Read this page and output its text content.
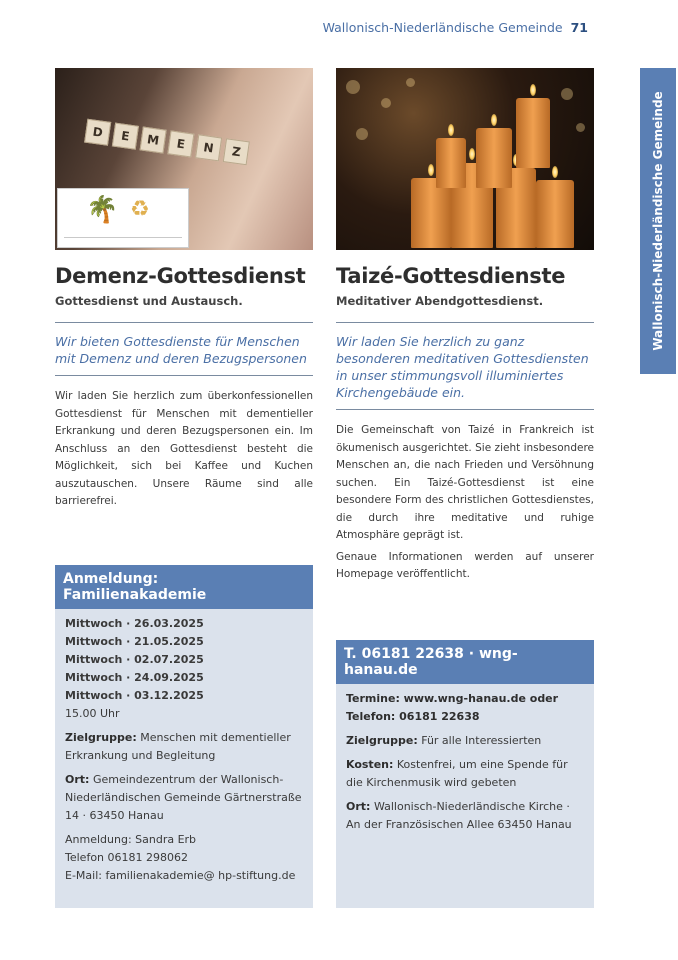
Wallonisch-Niederländische Gemeinde 71
Wallonisch-Niederländische Gemeinde
D	E	M	E	N	Z
🌴 ♻
Demenz-Gottesdienst
Gottesdienst und Austausch.
Wir bieten Gottesdienste für Menschen mit Demenz und deren Bezugspersonen
Wir laden Sie herzlich zum überkonfessionellen Gottesdienst für Menschen mit dementieller Erkrankung und deren Bezugspersonen ein. Im Anschluss an den Gottesdienst besteht die Möglichkeit, sich bei Kaffee und Kuchen auszutauschen. Unsere Räume sind alle barrierefrei.
Anmeldung: Familienakademie
Mittwoch · 26.03.2025
Mittwoch · 21.05.2025
Mittwoch · 02.07.2025
Mittwoch · 24.09.2025
Mittwoch · 03.12.2025

15.00 Uhr

Zielgruppe: Menschen mit dementieller Erkrankung und Begleitung

Ort: Gemeindezentrum der Wallonisch-Niederländischen Gemeinde Gärtnerstraße 14 · 63450 Hanau

Anmeldung: Sandra Erb
Telefon 06181 298062
E-Mail: familienakademie@ hp-stiftung.de
Taizé-Gottesdienste
Meditativer Abendgottesdienst.
Wir laden Sie herzlich zu ganz besonderen meditativen Gottesdiensten in unser stimmungsvoll illuminiertes Kirchengebäude ein.
Die Gemeinschaft von Taizé in Frankreich ist ökumenisch ausgerichtet. Sie zieht insbesondere Menschen an, die nach Frieden und Versöhnung suchen. Ein Taizé-Gottesdienst ist eine besondere Form des christlichen Gottesdienstes, die durch ihre meditative und ruhige Atmosphäre geprägt ist.
Genaue Informationen werden auf unserer Homepage veröffentlicht.
T. 06181 22638 · wng-hanau.de

Termine: www.wng-hanau.de oder Telefon: 06181 22638

Zielgruppe: Für alle Interessierten

Kosten: Kostenfrei, um eine Spende für die Kirchenmusik wird gebeten

Ort: Wallonisch-Niederländische Kirche · An der Französischen Allee 63450 Hanau
